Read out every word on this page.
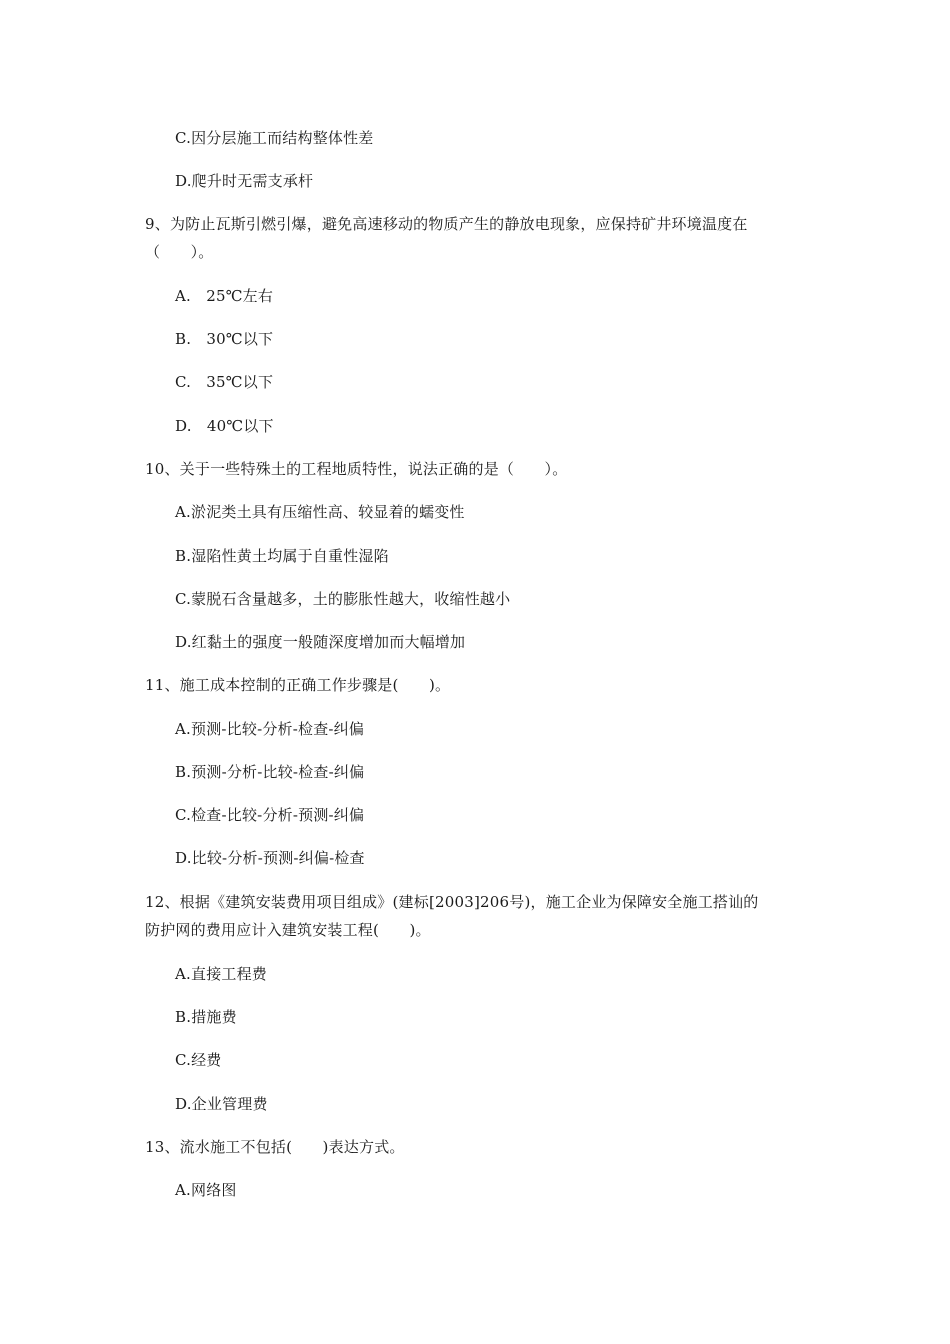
C.因分层施工而结构整体性差
D.爬升时无需支承杆
9、为防止瓦斯引燃引爆，避免高速移动的物质产生的静放电现象，应保持矿井环境温度在
（　　）。
A.　25℃左右
B.　30℃以下
C.　35℃以下
D.　40℃以下
10、关于一些特殊土的工程地质特性，说法正确的是（　　）。
A.淤泥类土具有压缩性高、较显着的蠕变性
B.湿陷性黄土均属于自重性湿陷
C.蒙脱石含量越多，土的膨胀性越大，收缩性越小
D.红黏土的强度一般随深度增加而大幅增加
11、施工成本控制的正确工作步骤是(　　)。
A.预测-比较-分析-检查-纠偏
B.预测-分析-比较-检查-纠偏
C.检查-比较-分析-预测-纠偏
D.比较-分析-预测-纠偏-检查
12、根据《建筑安装费用项目组成》(建标[2003]206号)，施工企业为保障安全施工搭讪的
防护网的费用应计入建筑安装工程(　　)。
A.直接工程费
B.措施费
C.经费
D.企业管理费
13、流水施工不包括(　　)表达方式。
A.网络图
